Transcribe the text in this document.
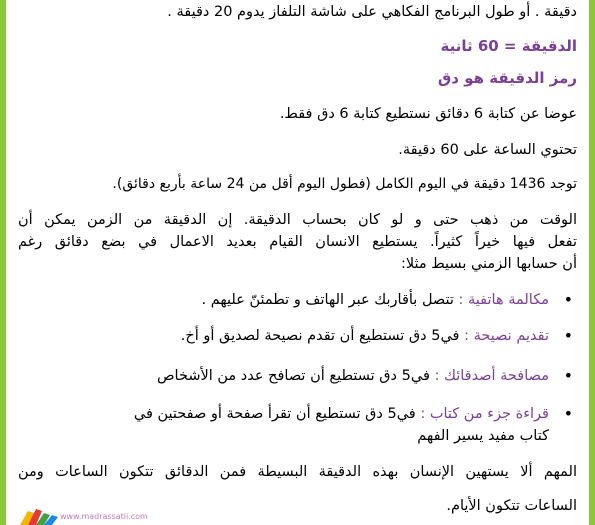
دقيقة . أو طول البرنامج الفكاهي على شاشة التلفاز يدوم 20 دقيقة .
الدقيقة = 60 ثانية
رمز الدقيقة هو دق
عوضا عن كتابة 6 دقائق نستطيع كتابة 6 دق فقط.
تحتوي الساعة على 60 دقيقة.
توجد 1436 دقيقة في اليوم الكامل (فطول اليوم أقل من 24 ساعة بأربع دقائق).
الوقت من ذهب حتى و لو كان بحساب الدقيقة. إن الدقيقة من الزمن يمكن أن
تفعل فيها خيراً كثيراً. يستطيع الانسان القيام بعديد الاعمال في بضع دقائق رغم
أن حسابها الزمني بسيط مثلا:
•
مكالمة هاتفية : تتصل بأقاربك عبر الهاتف و تطمئنّ عليهم .
•
تقديم نصيحة : في5 دق تستطيع أن تقدم نصيحة لصديق أو أخ.
•
مصافحة أصدقائك : في5 دق تستطيع أن تصافح عدد من الأشخاص
•
قراءة جزء من كتاب : في5 دق تستطيع أن تقرأ صفحة أو صفحتين في
كتاب مفيد يسير الفهم
المهم ألا يستهين الإنسان بهذه الدقيقة البسيطة فمن الدقائق تتكون الساعات ومن
الساعات تتكون الأيام.
www.madrassatii.com
